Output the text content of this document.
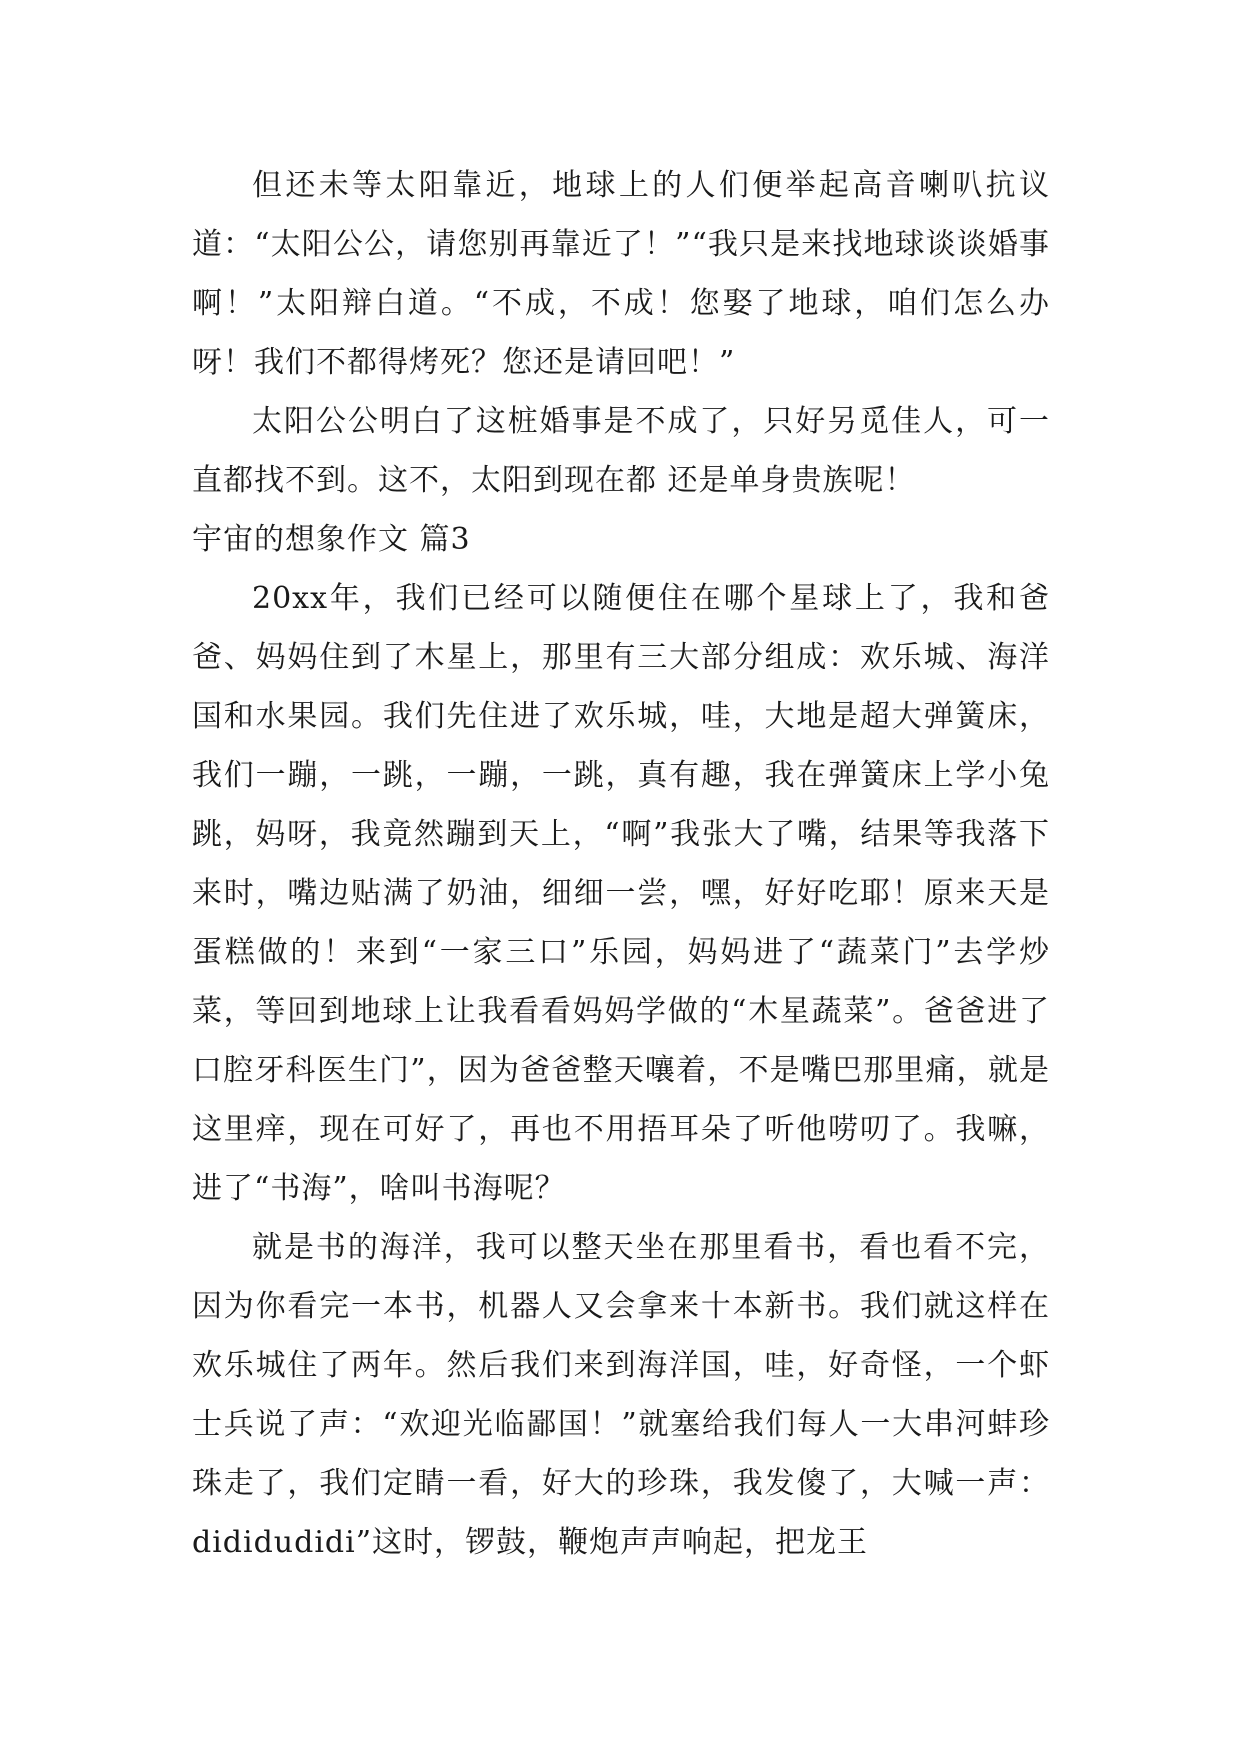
但还未等太阳靠近，地球上的人们便举起高音喇叭抗议道：“太阳公公，请您别再靠近了！”“我只是来找地球谈谈婚事啊！”太阳辩白道。“不成，不成！您娶了地球，咱们怎么办呀！我们不都得烤死？您还是请回吧！”

太阳公公明白了这桩婚事是不成了，只好另觅佳人，可一直都找不到。这不，太阳到现在都 还是单身贵族呢！

宇宙的想象作文 篇3

20xx年，我们已经可以随便住在哪个星球上了，我和爸爸、妈妈住到了木星上，那里有三大部分组成：欢乐城、海洋国和水果园。我们先住进了欢乐城，哇，大地是超大弹簧床，我们一蹦，一跳，一蹦，一跳，真有趣，我在弹簧床上学小兔跳，妈呀，我竟然蹦到天上，“啊”我张大了嘴，结果等我落下来时，嘴边贴满了奶油，细细一尝，嘿，好好吃耶！原来天是蛋糕做的！来到“一家三口”乐园，妈妈进了“蔬菜门”去学炒菜，等回到地球上让我看看妈妈学做的“木星蔬菜”。爸爸进了口腔牙科医生门”，因为爸爸整天嚷着，不是嘴巴那里痛，就是这里痒，现在可好了，再也不用捂耳朵了听他唠叨了。我嘛，进了“书海”，啥叫书海呢？

就是书的海洋，我可以整天坐在那里看书，看也看不完，因为你看完一本书，机器人又会拿来十本新书。我们就这样在欢乐城住了两年。然后我们来到海洋国，哇，好奇怪，一个虾士兵说了声：“欢迎光临鄙国！”就塞给我们每人一大串河蚌珍珠走了，我们定睛一看，好大的珍珠，我发傻了，大喊一声：dididudidi”这时，锣鼓，鞭炮声声响起，把龙王
